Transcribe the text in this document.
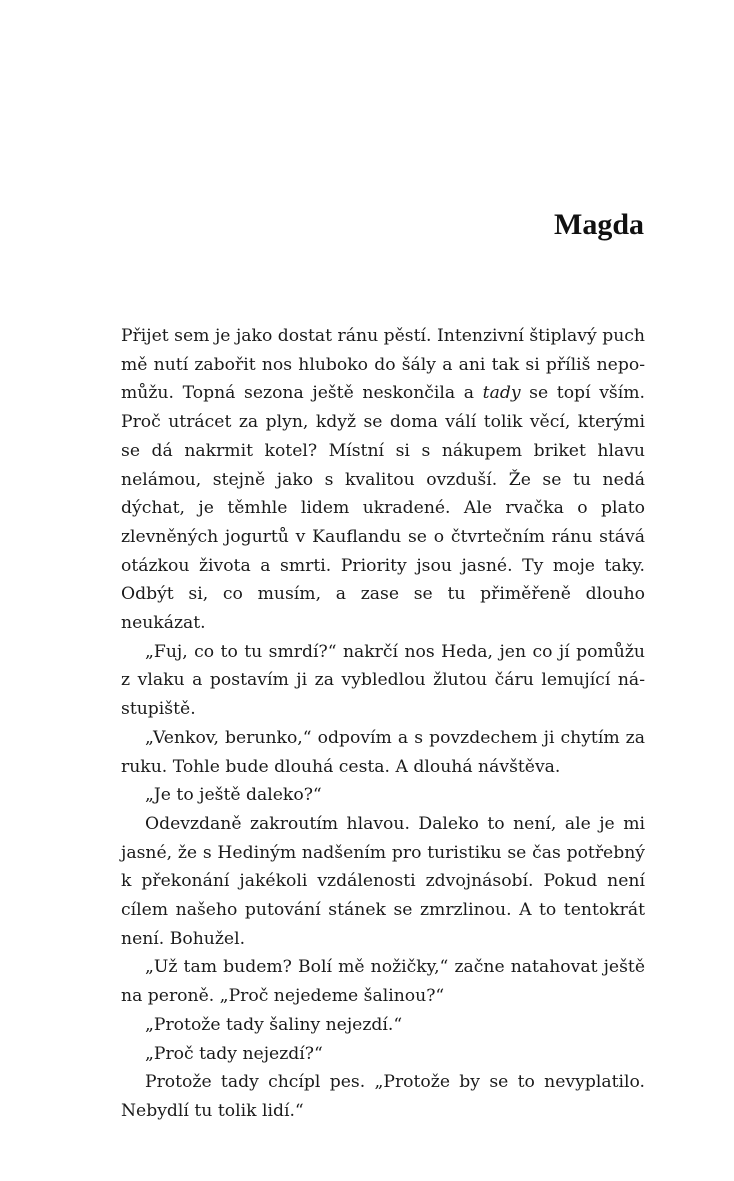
Magda

Přijet sem je jako dostat ránu pěstí. Intenzivní štiplavý puch mě nutí zabořit nos hluboko do šály a ani tak si příliš nepomůžu. Topná sezona ještě neskončila a tady se topí vším. Proč utrácet za plyn, když se doma válí tolik věcí, kterými se dá nakrmit kotel? Místní si s nákupem briket hlavu nelámou, stejně jako s kvalitou ovzduší. Že se tu nedá dýchat, je těmhle lidem ukradené. Ale rvačka o plato zlevněných jogurtů v Kauflandu se o čtvrtečním ránu stává otázkou života a smrti. Priority jsou jasné. Ty moje taky. Odbýt si, co musím, a zase se tu přiměřeně dlouho neukázat.

„Fuj, co to tu smrdí?“ nakrčí nos Heda, jen co jí pomůžu z vlaku a postavím ji za vybledlou žlutou čáru lemující nástupiště.

„Venkov, berunko,“ odpovím a s povzdechem ji chytím za ruku. Tohle bude dlouhá cesta. A dlouhá návštěva.

„Je to ještě daleko?“

Odevzdaně zakroutím hlavou. Daleko to není, ale je mi jasné, že s Hediným nadšením pro turistiku se čas potřebný k překonání jakékoli vzdálenosti zdvojnásobí. Pokud není cílem našeho putování stánek se zmrzlinou. A to tentokrát není. Bohužel.

„Už tam budem? Bolí mě nožičky,“ začne natahovat ještě na peroně. „Proč nejedeme šalinou?“

„Protože tady šaliny nejezdí.“

„Proč tady nejezdí?“

Protože tady chcípl pes. „Protože by se to nevyplatilo. Nebydlí tu tolik lidí.“
